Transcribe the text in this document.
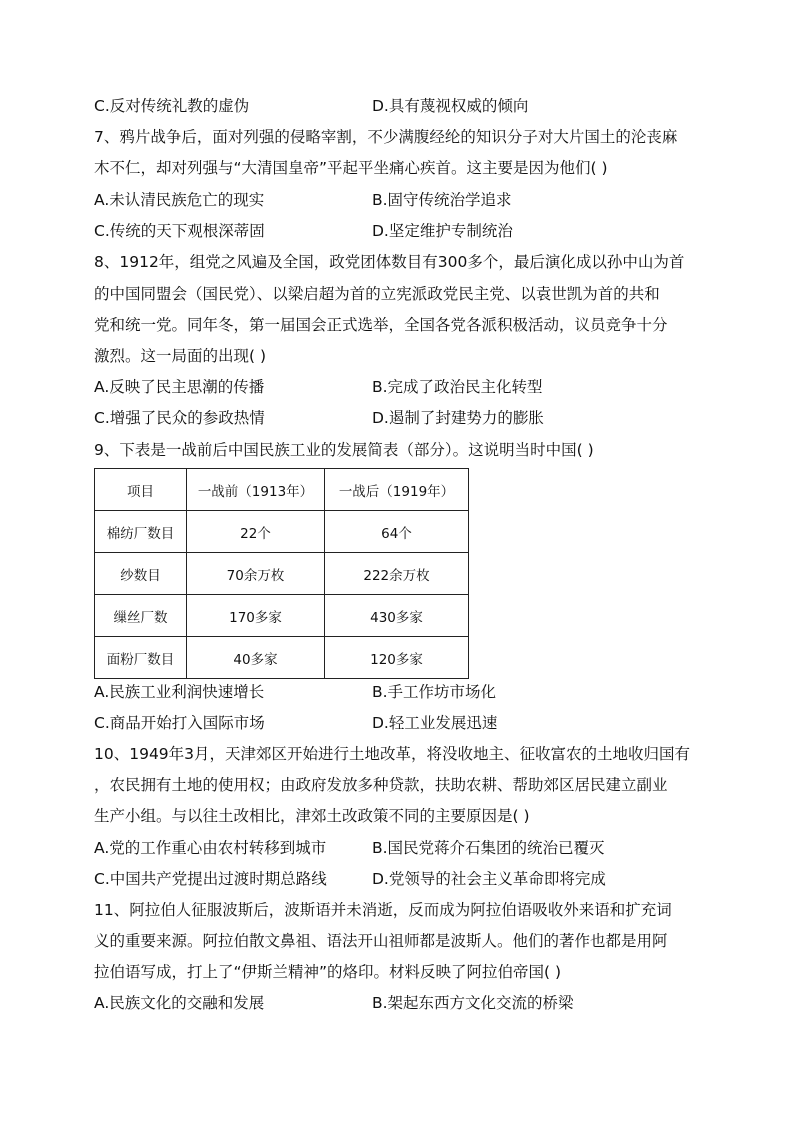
C.反对传统礼教的虚伪	D.具有蔑视权威的倾向
7、鸦片战争后，面对列强的侵略宰割，不少满腹经纶的知识分子对大片国土的沦丧麻
木不仁，却对列强与“大清国皇帝”平起平坐痛心疾首。这主要是因为他们( )
A.未认清民族危亡的现实	B.固守传统治学追求
C.传统的天下观根深蒂固	D.坚定维护专制统治
8、1912年，组党之风遍及全国，政党团体数目有300多个，最后演化成以孙中山为首
的中国同盟会（国民党）、以梁启超为首的立宪派政党民主党、以袁世凯为首的共和
党和统一党。同年冬，第一届国会正式选举，全国各党各派积极活动，议员竞争十分
激烈。这一局面的出现( )
A.反映了民主思潮的传播	B.完成了政治民主化转型
C.增强了民众的参政热情	D.遏制了封建势力的膨胀
9、下表是一战前后中国民族工业的发展简表（部分）。这说明当时中国( )
项目	一战前（1913年）	一战后（1919年）
棉纺厂数目	22个	64个
纱数目	70余万枚	222余万枚
缫丝厂数	170多家	430多家
面粉厂数目	40多家	120多家
A.民族工业利润快速增长	B.手工作坊市场化
C.商品开始打入国际市场	D.轻工业发展迅速
10、1949年3月，天津郊区开始进行土地改革，将没收地主、征收富农的土地收归国有
，农民拥有土地的使用权；由政府发放多种贷款，扶助农耕、帮助郊区居民建立副业
生产小组。与以往土改相比，津郊土改政策不同的主要原因是( )
A.党的工作重心由农村转移到城市	B.国民党蒋介石集团的统治已覆灭
C.中国共产党提出过渡时期总路线	D.党领导的社会主义革命即将完成
11、阿拉伯人征服波斯后，波斯语并未消逝，反而成为阿拉伯语吸收外来语和扩充词
义的重要来源。阿拉伯散文鼻祖、语法开山祖师都是波斯人。他们的著作也都是用阿
拉伯语写成，打上了“伊斯兰精神”的烙印。材料反映了阿拉伯帝国( )
A.民族文化的交融和发展	B.架起东西方文化交流的桥梁
